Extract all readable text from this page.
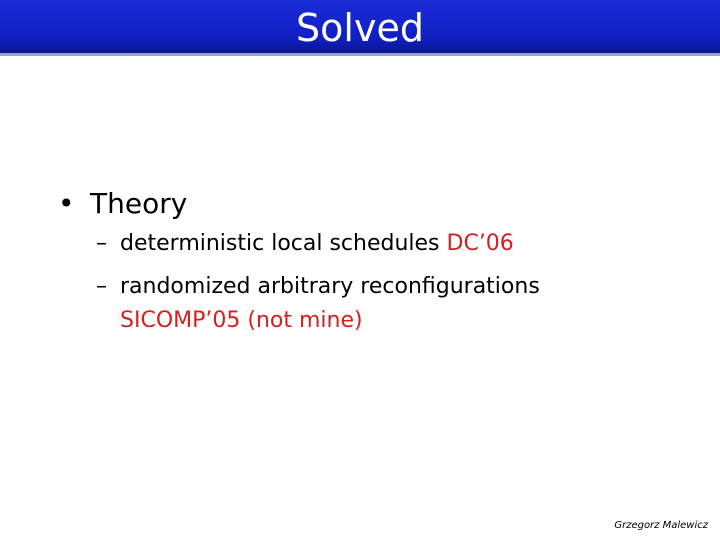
Solved
• Theory
– deterministic local schedules DC’06
– randomized arbitrary reconfigurations
SICOMP’05 (not mine)
Grzegorz Malewicz
